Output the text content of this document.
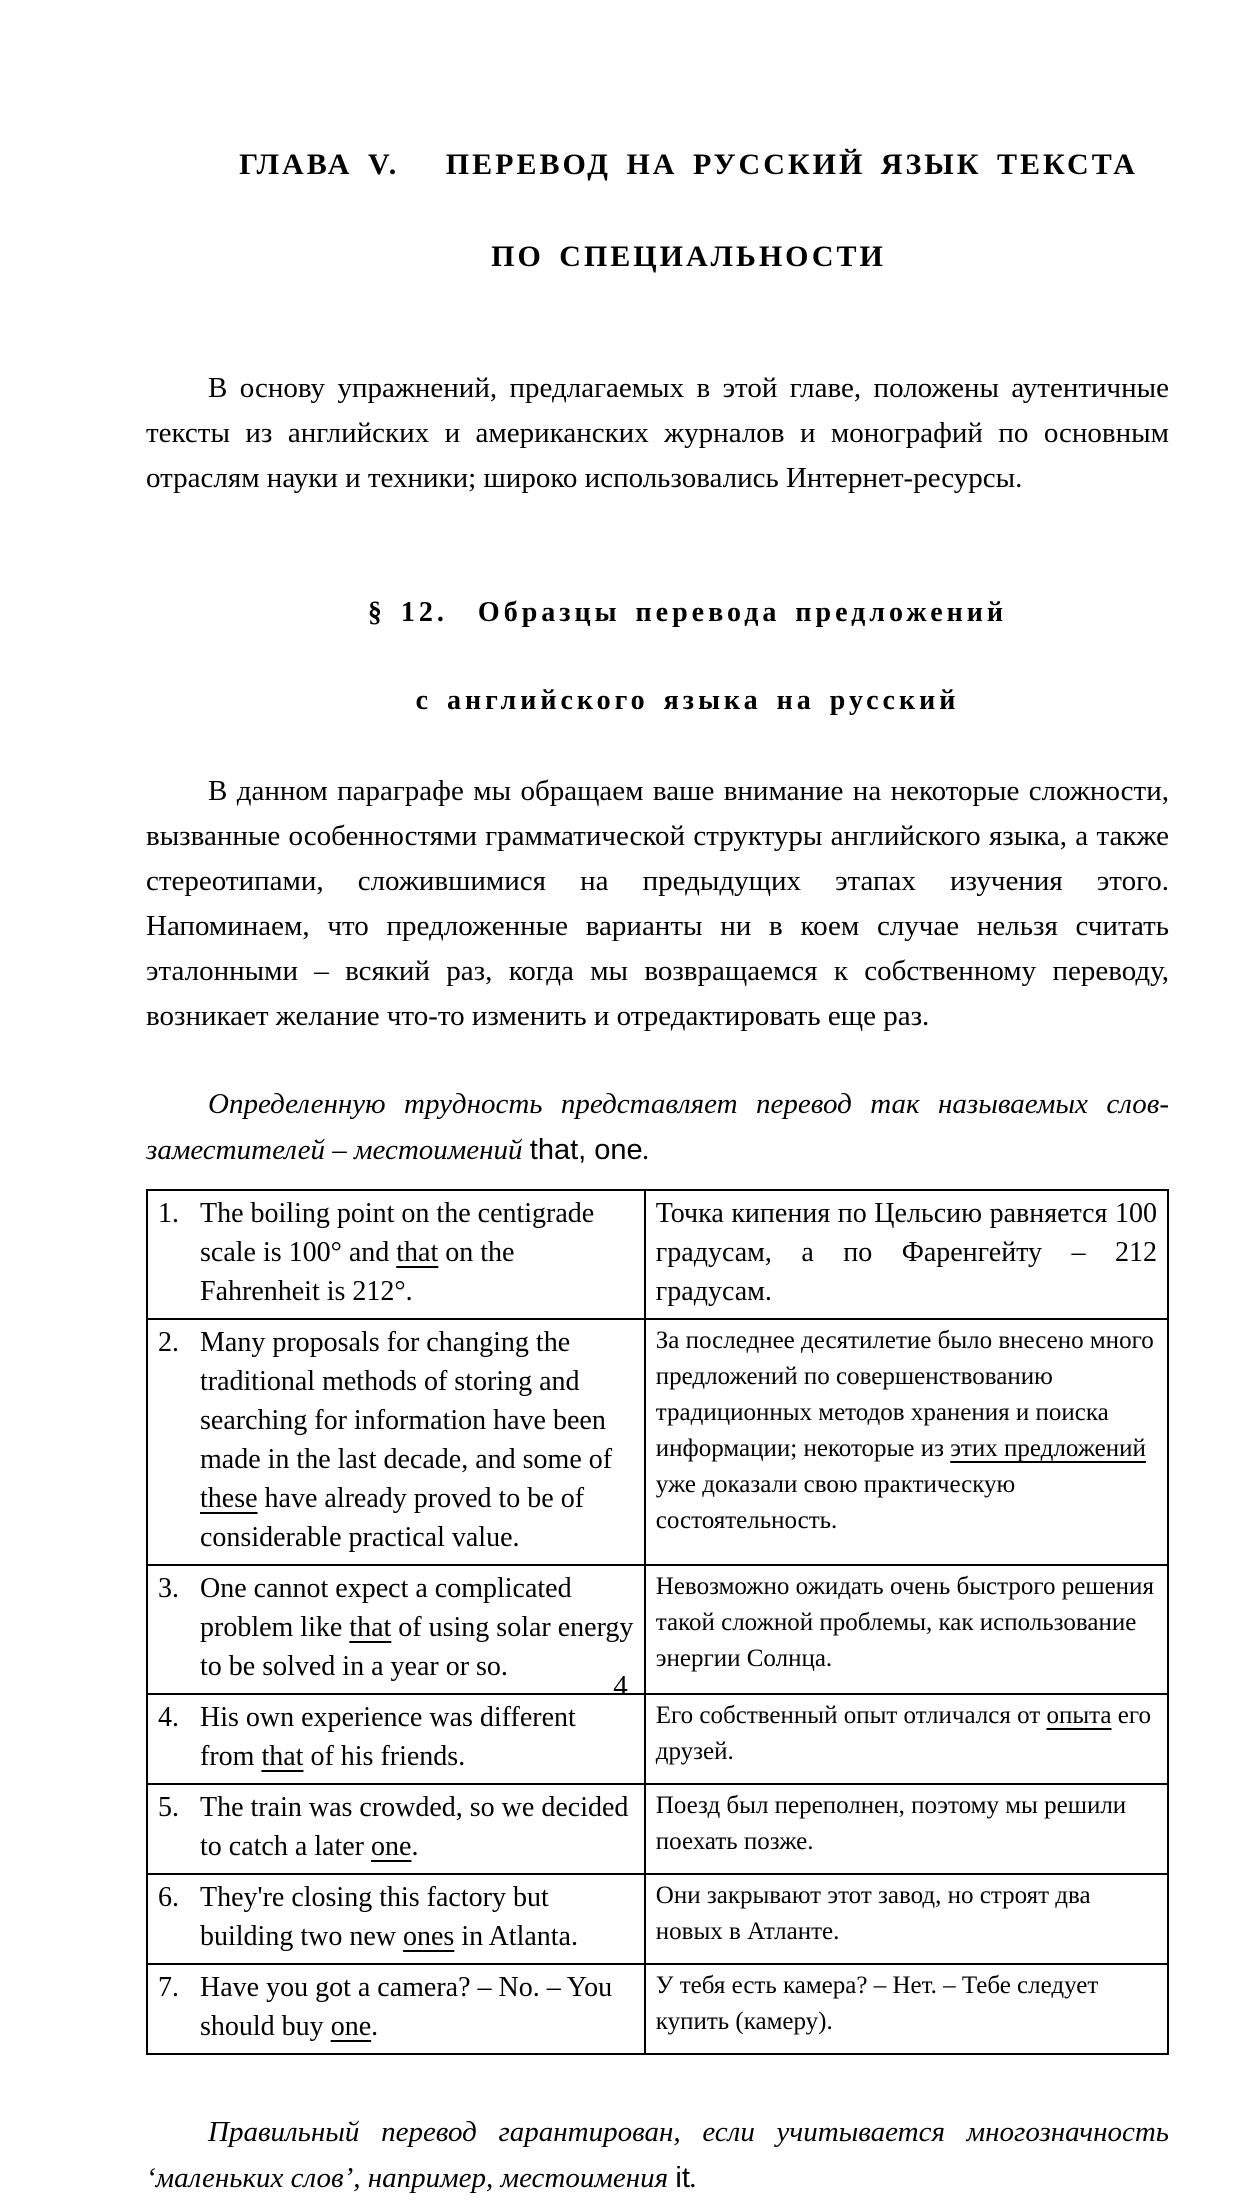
ГЛАВА V.   ПЕРЕВОД НА РУССКИЙ ЯЗЫК ТЕКСТА

ПО СПЕЦИАЛЬНОСТИ

В основу упражнений, предлагаемых в этой главе, положены аутентичные тексты из английских и американских журналов и монографий по основным отраслям науки и техники; широко использовались Интернет-ресурсы.

§ 12.  Образцы перевода предложений

с английского языка на русский

В данном параграфе мы обращаем ваше внимание на некоторые сложности, вызванные особенностями грамматической структуры английского языка, а также стереотипами, сложившимися на предыдущих этапах изучения этого. Напоминаем, что предложенные варианты ни в коем случае нельзя считать эталонными – всякий раз, когда мы возвращаемся к собственному переводу, возникает желание что-то изменить и отредактировать еще раз.

Определенную трудность представляет перевод так называемых слов-заместителей – местоимений that, one.

1. The boiling point on the centigrade scale is 100° and that on the Fahrenheit is 212°.	Точка кипения по Цельсию равняется 100 градусам, а по Фаренгейту – 212 градусам.

2. Many proposals for changing the traditional methods of storing and searching for information have been made in the last decade, and some of these have already proved to be of considerable practical value.
	За последнее десятилетие было внесено много предложений по совершенствованию традиционных методов хранения и поиска информации; некоторые из этих предложений уже доказали свою практическую состоятельность.

3. One cannot expect a complicated problem like that of using solar energy to be solved in a year or so.	Невозможно ожидать очень быстрого решения такой сложной проблемы, как использование энергии Солнца.

4. His own experience was different from that of his friends.	Его собственный опыт отличался от опыта его друзей.

5. The train was crowded, so we decided to catch a later one.	Поезд был переполнен, поэтому мы решили поехать позже.

6. They're closing this factory but building two new ones in Atlanta.	Они закрывают этот завод, но строят два новых в Атланте.

7. Have you got a camera? – No. – You should buy one.	У тебя есть камера? – Нет. – Тебе следует купить (камеру).

Правильный перевод гарантирован, если учитывается многозначность ‘маленьких слов’, например, местоимения it.

4
